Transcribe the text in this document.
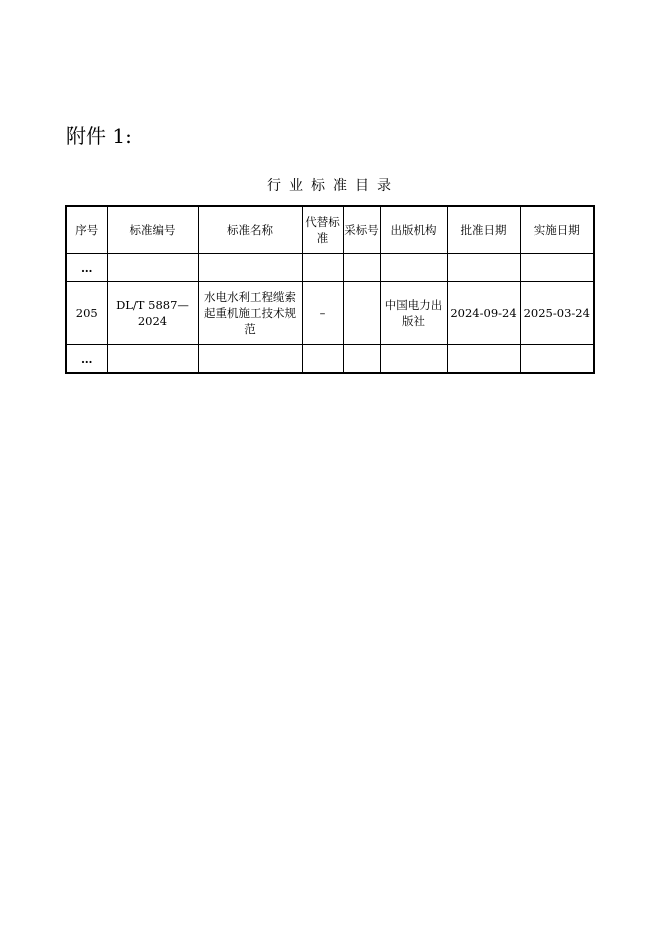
附件 1:
行业标准目录
序号	标准编号	标准名称	代替标准	采标号	出版机构	批准日期	实施日期
…							
205	DL/T 5887—2024	水电水利工程缆索起重机施工技术规范	–		中国电力出版社	2024-09-24	2025-03-24
…							
